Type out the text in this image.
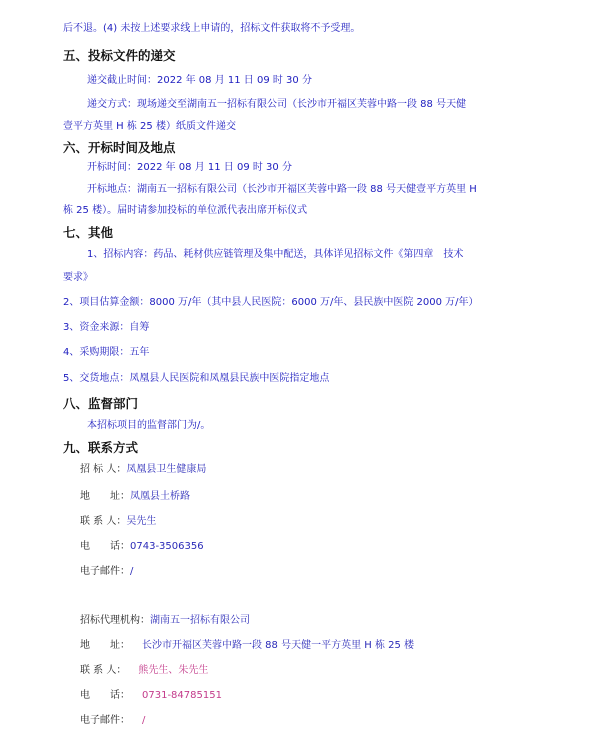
后不退。(4) 未按上述要求线上申请的，招标文件获取将不予受理。
五、投标文件的递交
递交截止时间：2022 年 08 月 11 日 09 时 30 分
递交方式：现场递交至湖南五一招标有限公司（长沙市开福区芙蓉中路一段 88 号天健
壹平方英里 H 栋 25 楼）纸质文件递交
六、开标时间及地点
开标时间：2022 年 08 月 11 日 09 时 30 分
开标地点：湖南五一招标有限公司（长沙市开福区芙蓉中路一段 88 号天健壹平方英里 H
栋 25 楼）。届时请参加投标的单位派代表出席开标仪式
七、其他
1、招标内容：药品、耗材供应链管理及集中配送，具体详见招标文件《第四章　技术
要求》
2、项目估算金额：8000 万/年（其中县人民医院：6000 万/年、县民族中医院 2000 万/年）
3、资金来源：自筹
4、采购期限：五年
5、交货地点：凤凰县人民医院和凤凰县民族中医院指定地点
八、监督部门
本招标项目的监督部门为/。
九、联系方式
招 标 人：凤凰县卫生健康局
地　　址：凤凰县土桥路
联 系 人：吴先生
电　　话：0743-3506356
电子邮件：/
招标代理机构：湖南五一招标有限公司
地　　址： 长沙市开福区芙蓉中路一段 88 号天健一平方英里 H 栋 25 楼
联 系 人： 熊先生、朱先生
电　　话： 0731-84785151
电子邮件： /
